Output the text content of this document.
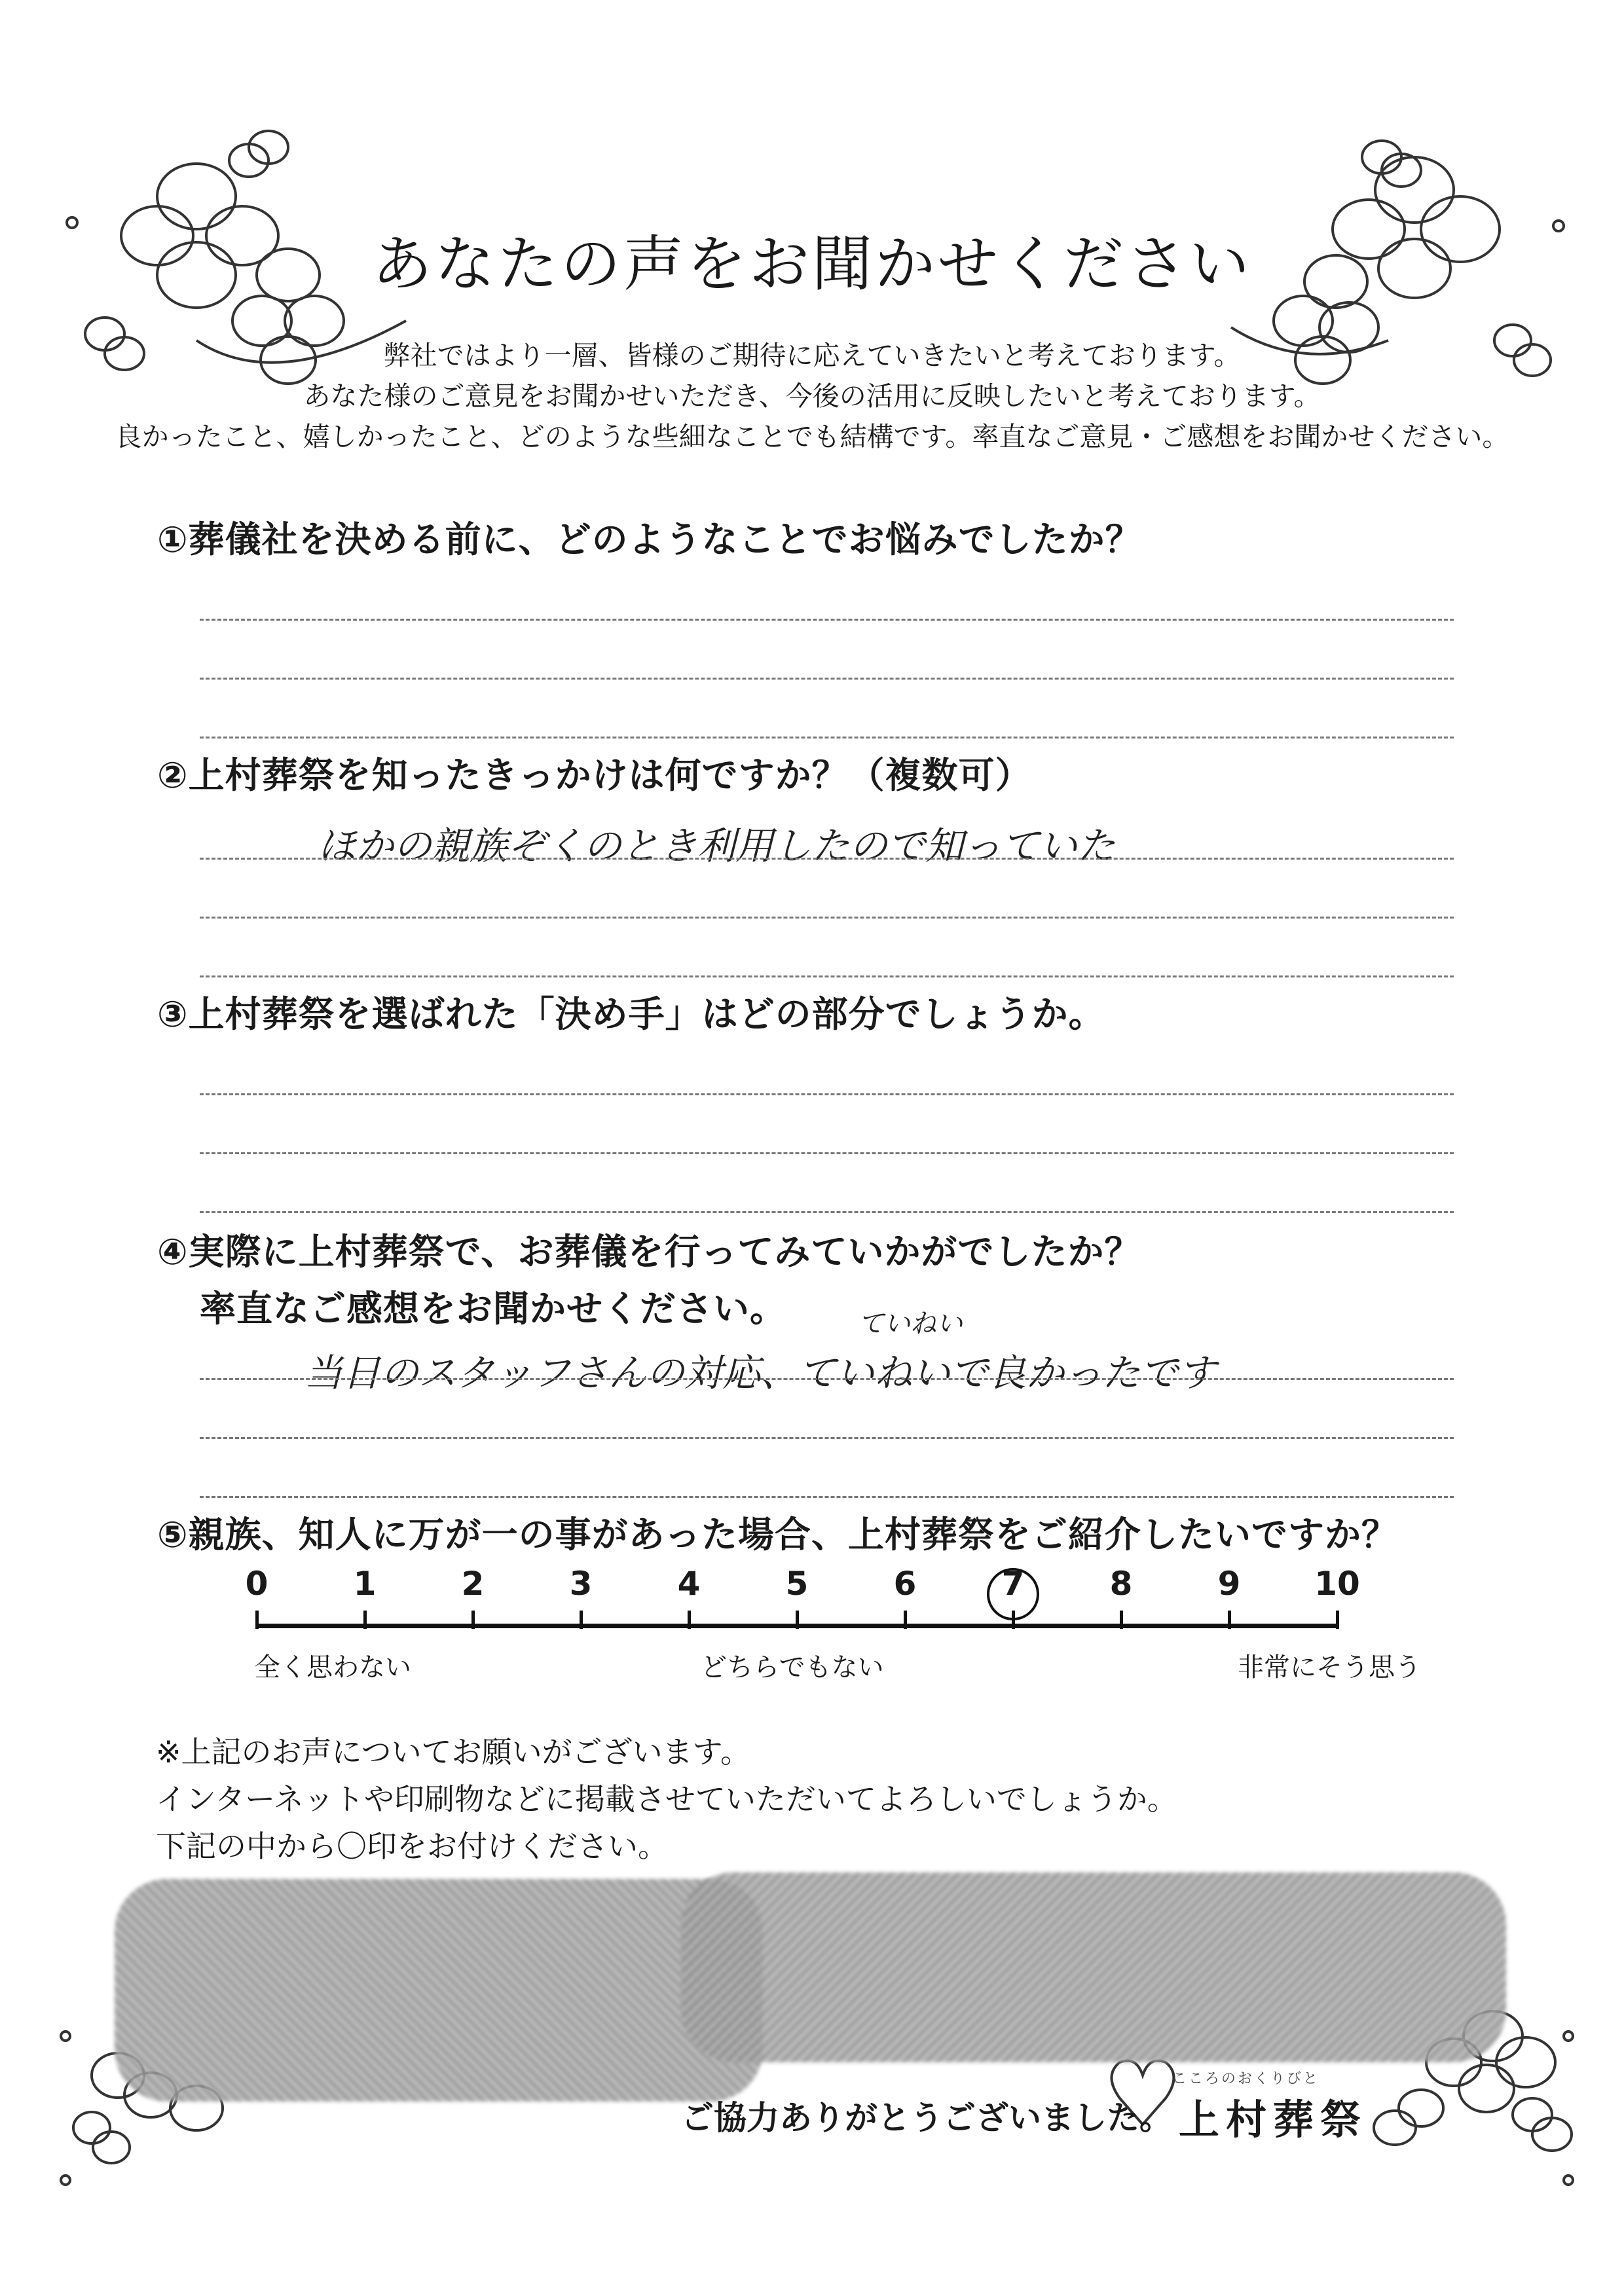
あなたの声をお聞かせください
弊社ではより一層、皆様のご期待に応えていきたいと考えております。
あなた様のご意見をお聞かせいただき、今後の活用に反映したいと考えております。
良かったこと、嬉しかったこと、どのような些細なことでも結構です。率直なご意見・ご感想をお聞かせください。
①葬儀社を決める前に、どのようなことでお悩みでしたか？
②上村葬祭を知ったきっかけは何ですか？（複数可）
ほかの親族ぞくのとき利用したので知っていた
③上村葬祭を選ばれた「決め手」はどの部分でしょうか。
④実際に上村葬祭で、お葬儀を行ってみていかがでしたか？
率直なご感想をお聞かせください。	ていねい
当日のスタッフさんの対応、ていねいで良かったです
⑤親族、知人に万が一の事があった場合、上村葬祭をご紹介したいですか？
0	1	2	3	4	5	6	7	8	9	10
全く思わない	どちらでもない	非常にそう思う
※上記のお声についてお願いがございます。
インターネットや印刷物などに掲載させていただいてよろしいでしょうか。
下記の中から〇印をお付けください。
ご協力ありがとうございました。
こころのおくりびと
上村葬祭
